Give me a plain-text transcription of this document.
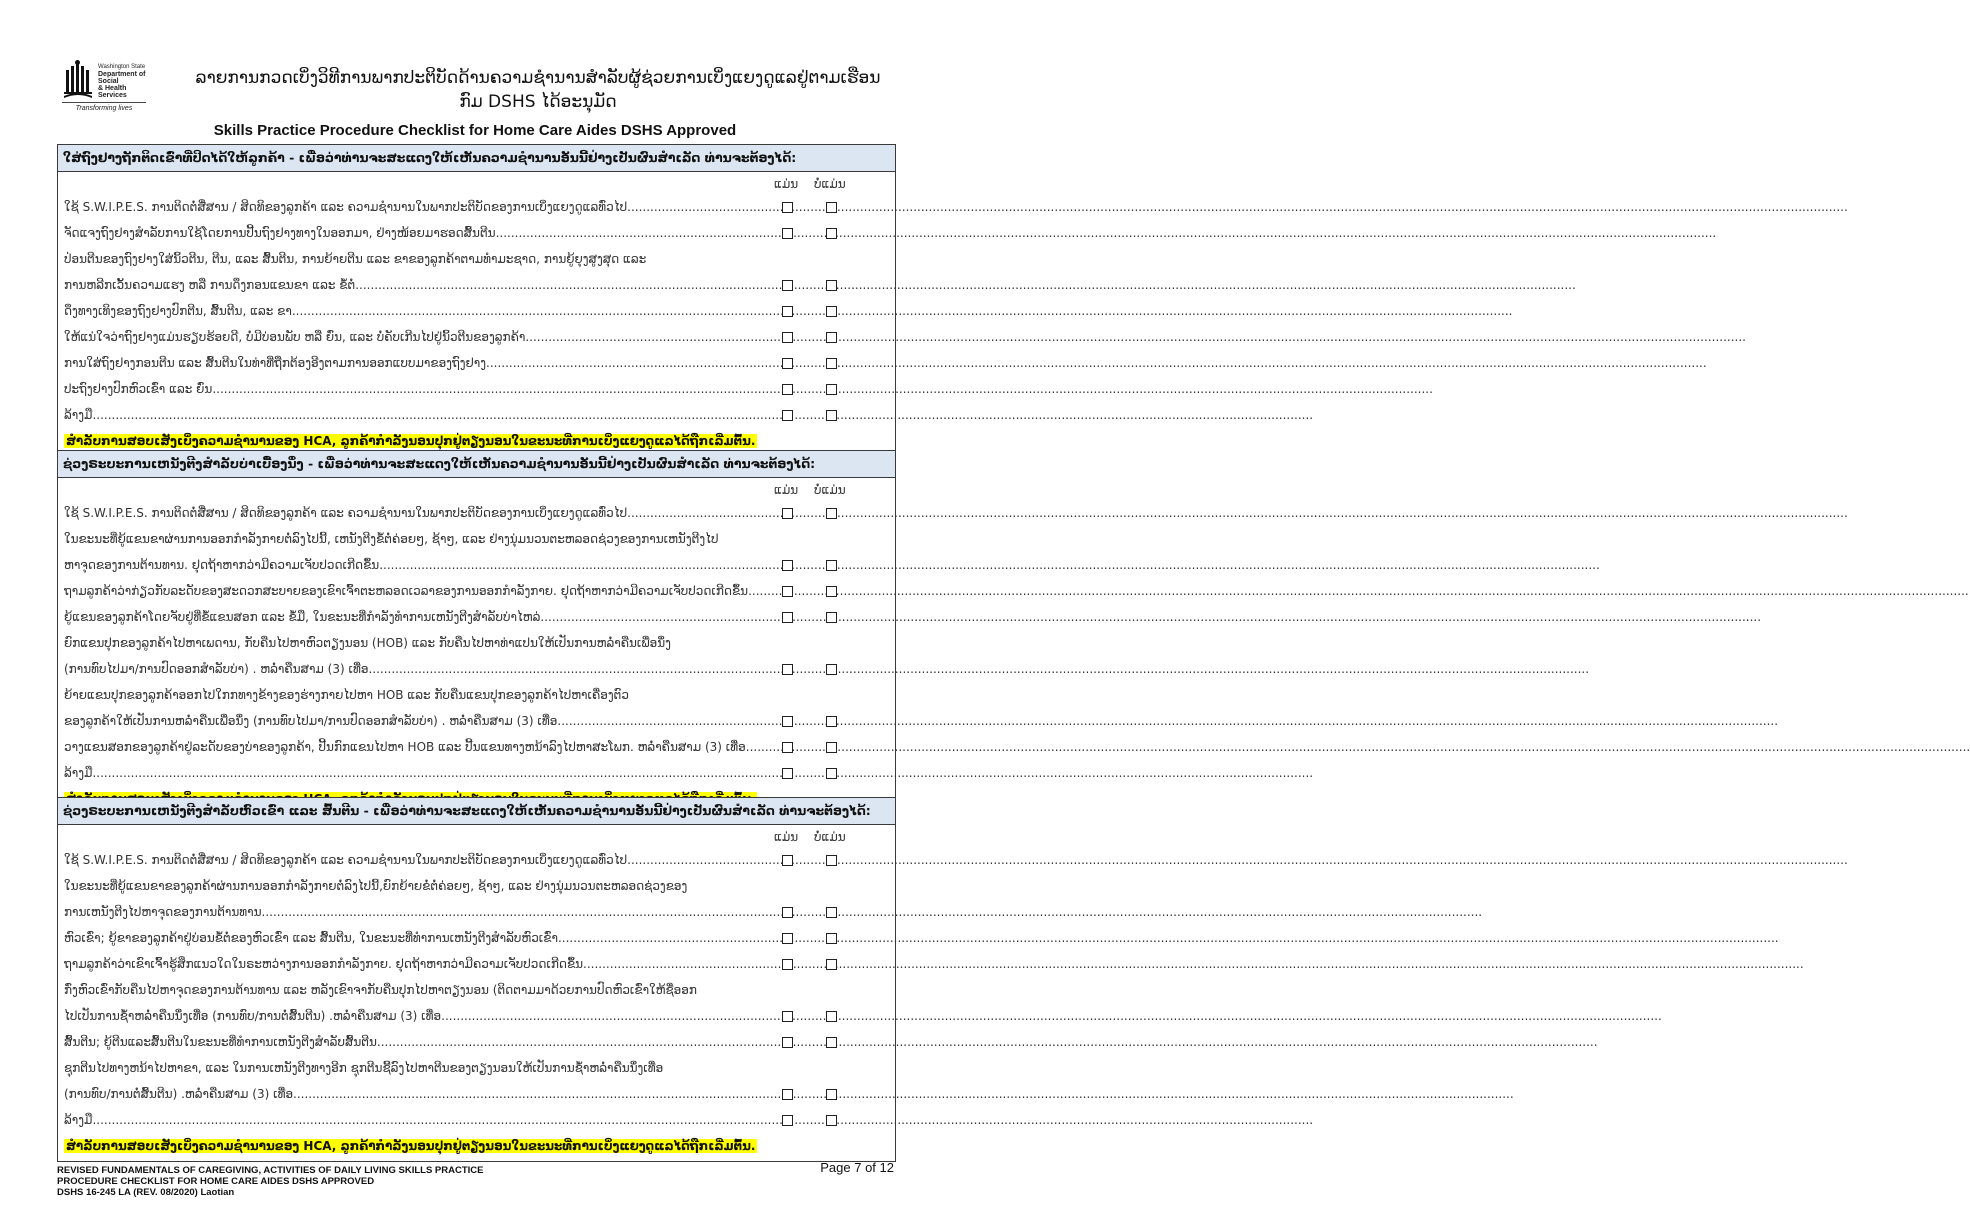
Washington State
Department of Social
& Health Services
Transforming lives
ລາຍການກວດເບິ່ງວິທີການພາກປະຕິບັດດ້ານຄວາມຊຳນານສຳລັບຜູ້ຊ່ວຍການເບິ່ງແຍງດູແລຢູ່ຕາມເຮືອນ
ກົມ DSHS ໄດ້ອະນຸມັດ
Skills Practice Procedure Checklist for Home Care Aides DSHS Approved
ໃສ່ຖົງຢາງຖັກຕິດເຂົ່າທີ່ປິດໄດ້ໃຫ້ລູກຄ້າ - ເພື່ອວ່າທ່ານຈະສະແດງໃຫ້ເຫັນຄວາມຊຳນານອັນນີ້ຢ່າງເປັນຜົນສຳເລັດ ທ່ານຈະຕ້ອງໄດ້:
ແມ່ນ ບໍ່ແມ່ນ
ໃຊ້ S.W.I.P.E.S. ການຕິດຕໍ່ສື່ສານ / ສິດທິຂອງລູກຄ້າ ແລະ ຄວາມຊຳນານໃນພາກປະຕິບັດຂອງການເບິ່ງແຍງດູແລທົ່ວໄປ
.....
ຈັດແຈງຖົງຢາງສຳລັບການໃຊ້ໂດຍການປີ້ນຖົງຢາງທາງໃນອອກມາ, ຢ່າງໜ້ອຍມາຮອດສົ້ນຕີນ
.....
ປ່ອນຕີນຂອງຖົງຢາງໃສ່ນິ້ວຕີນ, ຕີນ, ແລະ ສົ້ນຕີນ, ການຍ້າຍຕີນ ແລະ ຂາຂອງລູກຄ້າຕາມທຳມະຊາດ, ການຍູ້ຍຸງສູງສຸດ ແລະ
ການຫລີກເວັ້ນຄວາມແຮງ ຫລື ການດຶງກອນແຂນຂາ ແລະ ຂໍ້ຕໍ່
.....
ດຶງທາງເທິງຂອງຖົງຢາງປົກຕີນ, ສົ້ນຕີນ, ແລະ ຂາ
.....
ໃຫ້ແນ່ໃຈວ່າຖົງຢາງແມ່ນຮຽບຮ້ອຍດີ, ບໍ່ມີບ່ອນພັບ ຫລື ຍົ່ນ, ແລະ ບໍ່ຄັບເກີນໄປຢູ່ນິ້ວຕີນຂອງລູກຄ້າ
.....
ການໃສ່ຖົງຢາງກອນຕີນ ແລະ ສົ້ນຕີນໃນທ່າທີ່ຖືກຕ້ອງອີງຕາມການອອກແບບມາຂອງຖົງຢາງ
.....
ປະຖົງຢາງປົກຫົວເຂົ່າ ແລະ ຍົ່ນ
.....
ລ້າງມື
.....
ສຳລັບການສອບເສັງເບິ່ງຄວາມຊຳນານຂອງ HCA, ລູກຄ້າກຳລັງນອນປຸກຢູ່ຕຽງນອນໃນຂະນະທີ່ການເບິ່ງແຍງດູແລໄດ້ຖືກເລີ່ມຕົ້ນ.
ຊ່ວງຣະບະການເຫນັງຕີງສຳລັບບ່າເບື້ອງນຶ່ງ - ເພື່ອວ່າທ່ານຈະສະແດງໃຫ້ເຫັນຄວາມຊຳນານອັນນີ້ຢ່າງເປັນຜົນສຳເລັດ ທ່ານຈະຕ້ອງໄດ້:
ແມ່ນ ບໍ່ແມ່ນ
ໃຊ້ S.W.I.P.E.S. ການຕິດຕໍ່ສື່ສານ / ສິດທິຂອງລູກຄ້າ ແລະ ຄວາມຊຳນານໃນພາກປະຕິບັດຂອງການເບິ່ງແຍງດູແລທົ່ວໄປ
.....
ໃນຂະນະທີ່ຍູ້ແຂນຂາຜ່ານການອອກກຳລັງກາຍຕໍ່ລົງໄປນີ້, ເຫນັງຕີງຂໍ້ຕໍ່ຄ່ອຍໆ, ຊ້າໆ, ແລະ ຢ່າງນຸ່ມນວນຕະຫລອດຊ່ວງຂອງການເຫນັງຕີງໄປ
ຫາຈຸດຂອງການຕ້ານທານ. ຢຸດຖ້າຫາກວ່າມີຄວາມເຈັບປວດເກີດຂຶ້ນ
.....
ຖາມລູກຄ້າວ່າກ່ຽວກັບລະດັບຂອງສະດວກສະບາຍຂອງເຂົາເຈົ້າຕະຫລອດເວລາຂອງການອອກກຳລັງກາຍ. ຢຸດຖ້າຫາກວ່າມີຄວາມເຈັບປວດເກີດຂຶ້ນ
.....
ຍູ້ແຂນຂອງລູກຄ້າໂດຍຈັບຢູ່ທີ່ຂໍ້ແຂນສອກ ແລະ ຂໍ້ມື, ໃນຂະນະທີ່ກຳລັງທຳການເຫນັງຕີງສຳລັບບ່າໄຫລ່
.....
ຍົກແຂນປຸກຂອງລູກຄ້າໄປຫາເພດານ, ກັບຄືນໄປຫາຫົວຕຽງນອນ (HOB) ແລະ ກັບຄືນໄປຫາທ່າແປນໃຫ້ເປັນການຫລໍ່າຄືນເພື່ອນຶ່ງ
(ການທົບໄປມາ/ການປົດອອກສຳລັບບ່າ) . ຫລໍ່າຄືນສາມ (3) ເທື່ອ
.....
ຍ້າຍແຂນປຸກຂອງລູກຄ້າອອກໄປໃກກທາງຂ້າງຂອງຮ່າງກາຍໄປຫາ HOB ແລະ ກັບຄືນແຂນປຸກຂອງລູກຄ້າໄປຫາເຄື່ອງຕົວ
ຂອງລູກຄ້າໃຫ້ເປັນການຫລໍ່າຄືນເພື່ອນຶ່ງ (ການທົບໄປມາ/ການປົດອອກສຳລັບບ່າ) . ຫລໍ່າຄືນສາມ (3) ເທື່ອ
.....
ວາງແຂນສອກຂອງລູກຄ້າຢູ່ລະດັບຂອງບ່າຂອງລູກຄ້າ, ປີ້ນກົກແຂນໄປຫາ HOB ແລະ ປີ້ນແຂນທາງຫນ້າລົງໄປຫາສະໂພກ. ຫລໍ່າຄືນສາມ (3) ເທື່ອ.
.....
ລ້າງມື
.....
ຊ່ວງຣະບະການເຫນັງຕີງສຳລັບຫົວເຂົ່າ ແລະ ສົ້ນຕີນ - ເພື່ອວ່າທ່ານຈະສະແດງໃຫ້ເຫັນຄວາມຊຳນານອັນນີ້ຢ່າງເປັນຜົນສຳເລັດ ທ່ານຈະຕ້ອງໄດ້:
ແມ່ນ ບໍ່ແມ່ນ
ໃຊ້ S.W.I.P.E.S. ການຕິດຕໍ່ສື່ສານ / ສິດທິຂອງລູກຄ້າ ແລະ ຄວາມຊຳນານໃນພາກປະຕິບັດຂອງການເບິ່ງແຍງດູແລທົ່ວໄປ
.....
ໃນຂະນະທີ່ຍູ້ແຂນຂາຂອງລູກຄ້າຜ່ານການອອກກຳລັງກາຍຕໍ່ລົງໄປນີ້,ຍົກຍ້າຍຂໍ່ຕໍ່ຄ່ອຍໆ, ຊ້າໆ, ແລະ ຢ່າງນຸ່ມນວນຕະຫລອດຊ່ວງຂອງ
ການເຫນັງຕີງໄປຫາຈຸດຂອງການຕ້ານທານ
.....
ຫົວເຂົ່າ; ຍູ້ຂາຂອງລູກຄ້າຢູ່ບ່ອນຂໍ້ຕໍ່ຂອງຫົວເຂົ່າ ແລະ ສົ້ນຕີນ, ໃນຂະນະທີ່ທຳການເຫນັງຕີງສຳລັບຫົວເຂົ່າ
.....
ຖາມລູກຄ້າວ່າເຂົາເຈົ້າຮູ້ສຶກແນວໃດໃນຣະຫວ່າງການອອກກຳລັງກາຍ. ຢຸດຖ້າຫາກວ່າມີຄວາມເຈັບປວດເກີດຂຶ້ນ
.....
ກົ່ງຫົວເຂົ່າກັບຄືນໄປຫາຈຸດຂອງການຕ້ານທານ ແລະ ຫລັງເຂົາຈາກັບຄືນປຸກໄປຫາຕຽງນອນ (ຕິດຕາມມາດ້ວຍການປົດຫົວເຂົ່າໃຫ້ຊື່ອອກ
ໄປເປັນການຊ້ຳຫລໍ່າຄືນນຶ່ງເທື່ອ (ການທົບ/ການຕໍ່ສົ້ນຕີນ) .ຫລໍ່າຄືນສາມ (3) ເທື່ອ
.....
ສົ້ນຕີນ; ຍູ້ຕີນແລະສົ້ນຕີນໃນຂະນະທີ່ທຳການເຫນັງຕີງສຳລັບສົ້ນຕີນ
.....
ຊຸກຕີນໄປທາງຫນ້າໄປຫາຂາ, ແລະ ໃນການເຫນັງຕີງທາງອີກ ຊຸກຕີນຊີ້ລົງໄປຫາຕີນຂອງຕຽງນອນໃຫ້ເປັນການຊ້ຳຫລໍ່າຄືນນຶ່ງເທື່ອ
(ການທົບ/ການຕໍ່ສົ້ນຕີນ) .ຫລໍ່າຄືນສາມ (3) ເທື່ອ
.....
ລ້າງມື
.....
ສຳລັບການສອບເສັງເບິ່ງຄວາມຊຳນານຂອງ HCA, ລູກຄ້າກຳລັງນອນປຸກຢູ່ຕຽງນອນໃນຂະນະທີ່ການເບິ່ງແຍງດູແລໄດ້ຖືກເລີ່ມຕົ້ນ.
REVISED FUNDAMENTALS OF CAREGIVING, ACTIVITIES OF DAILY LIVING SKILLS PRACTICE
PROCEDURE CHECKLIST FOR HOME CARE AIDES DSHS APPROVED
DSHS 16-245 LA (REV. 08/2020) Laotian
Page 7 of 12
